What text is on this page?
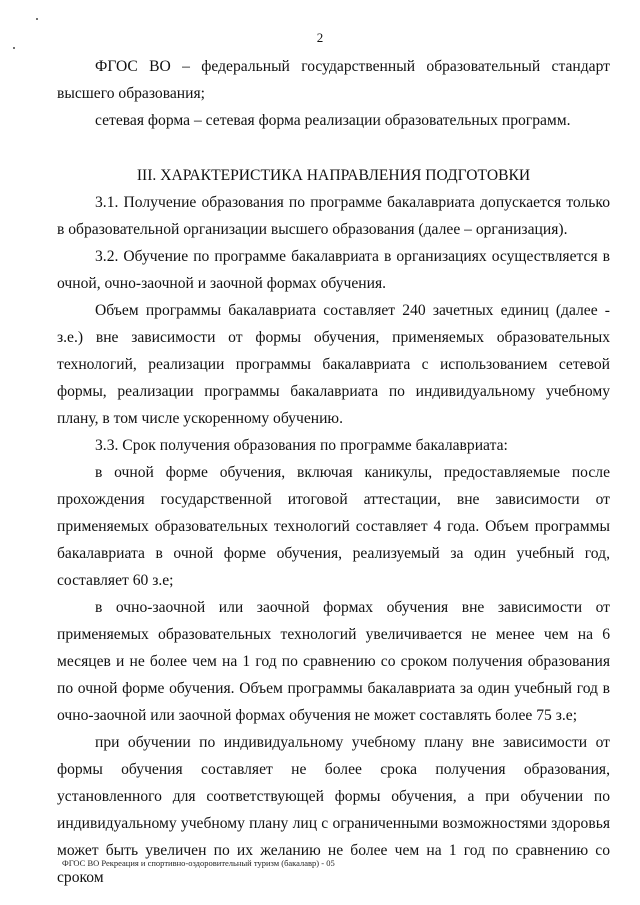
2

ФГОС ВО – федеральный государственный образовательный стандарт высшего образования;

сетевая форма – сетевая форма реализации образовательных программ.

III. ХАРАКТЕРИСТИКА НАПРАВЛЕНИЯ ПОДГОТОВКИ

3.1. Получение образования по программе бакалавриата допускается только в образовательной организации высшего образования (далее – организация).

3.2. Обучение по программе бакалавриата в организациях осуществляется в очной, очно-заочной и заочной формах обучения.

Объем программы бакалавриата составляет 240 зачетных единиц (далее - з.е.) вне зависимости от формы обучения, применяемых образовательных технологий, реализации программы бакалавриата с использованием сетевой формы, реализации программы бакалавриата по индивидуальному учебному плану, в том числе ускоренному обучению.

3.3. Срок получения образования по программе бакалавриата:

в очной форме обучения, включая каникулы, предоставляемые после прохождения государственной итоговой аттестации, вне зависимости от применяемых образовательных технологий составляет 4 года. Объем программы бакалавриата в очной форме обучения, реализуемый за один учебный год, составляет 60 з.е;

в очно-заочной или заочной формах обучения вне зависимости от применяемых образовательных технологий увеличивается не менее чем на 6 месяцев и не более чем на 1 год по сравнению со сроком получения образования по очной форме обучения. Объем программы бакалавриата за один учебный год в очно-заочной или заочной формах обучения не может составлять более 75 з.е;

при обучении по индивидуальному учебному плану вне зависимости от формы обучения составляет не более срока получения образования, установленного для соответствующей формы обучения, а при обучении по индивидуальному учебному плану лиц с ограниченными возможностями здоровья может быть увеличен по их желанию не более чем на 1 год по сравнению со сроком

ФГОС ВО Рекреация и спортивно-оздоровительный туризм (бакалавр) - 05
